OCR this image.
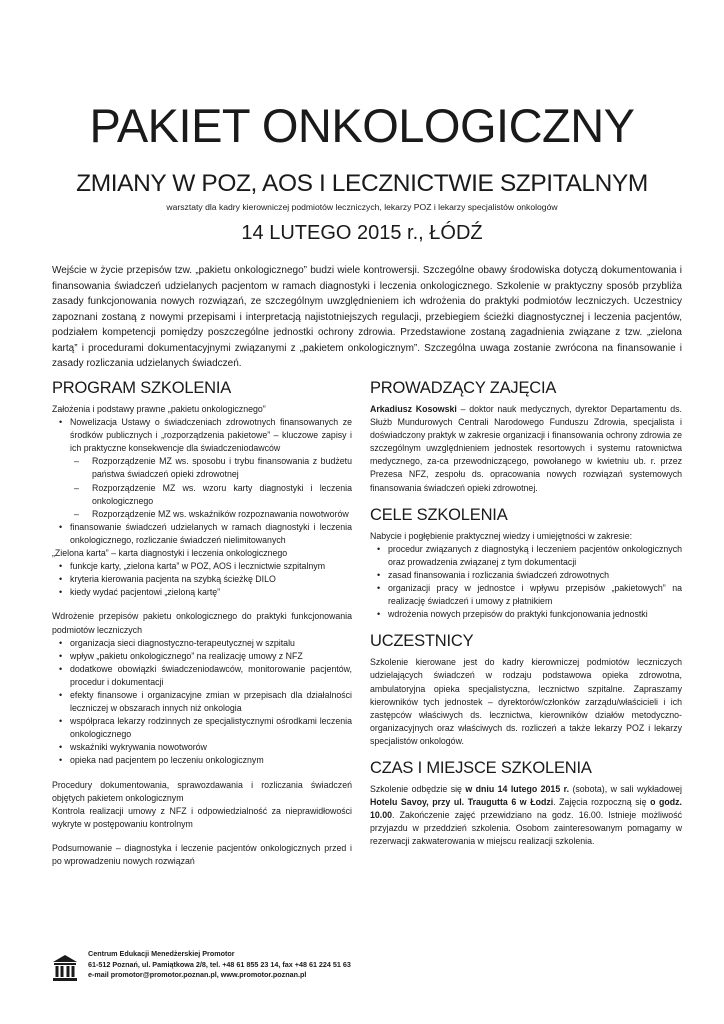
PAKIET ONKOLOGICZNY
ZMIANY W POZ, AOS I LECZNICTWIE SZPITALNYM
warsztaty dla kadry kierowniczej podmiotów leczniczych, lekarzy POZ i lekarzy specjalistów onkologów
14 LUTEGO 2015 r., ŁÓDŹ
Wejście w życie przepisów tzw. „pakietu onkologicznego” budzi wiele kontrowersji. Szczególne obawy środowiska dotyczą dokumentowania i finansowania świadczeń udzielanych pacjentom w ramach diagnostyki i leczenia onkologicznego. Szkolenie w praktyczny sposób przybliża zasady funkcjonowania nowych rozwiązań, ze szczególnym uwzględnieniem ich wdrożenia do praktyki podmiotów leczniczych. Uczestnicy zapoznani zostaną z nowymi przepisami i interpretacją najistotniejszych regulacji, przebiegiem ścieżki diagnostycznej i leczenia pacjentów, podziałem kompetencji pomiędzy poszczególne jednostki ochrony zdrowia. Przedstawione zostaną zagadnienia związane z tzw. „zielona kartą” i procedurami dokumentacyjnymi związanymi z „pakietem onkologicznym”. Szczególna uwaga zostanie zwrócona na finansowanie i zasady rozliczania udzielanych świadczeń.
PROGRAM SZKOLENIA

Założenia i podstawy prawne „pakietu onkologicznego”

• Nowelizacja Ustawy o świadczeniach zdrowotnych finansowanych ze środków publicznych i „rozporządzenia pakietowe” – kluczowe zapisy i ich praktyczne konsekwencje dla świadczeniodawców
– Rozporządzenie MZ ws. sposobu i trybu finansowania z budżetu państwa świadczeń opieki zdrowotnej
– Rozporządzenie MZ ws. wzoru karty diagnostyki i leczenia onkologicznego
– Rozporządzenie MZ ws. wskaźników rozpoznawania nowotworów
• finansowanie świadczeń udzielanych w ramach diagnostyki i leczenia onkologicznego, rozliczanie świadczeń nielimitowanych

„Zielona karta” – karta diagnostyki i leczenia onkologicznego

• funkcje karty, „zielona karta” w POZ, AOS i lecznictwie szpitalnym
• kryteria kierowania pacjenta na szybką ścieżkę DILO
• kiedy wydać pacjentowi „zieloną kartę”

Wdrożenie przepisów pakietu onkologicznego do praktyki funkcjonowania podmiotów leczniczych

• organizacja sieci diagnostyczno-terapeutycznej w szpitalu
• wpływ „pakietu onkologicznego” na realizację umowy z NFZ
• dodatkowe obowiązki świadczeniodawców, monitorowanie pacjentów, procedur i dokumentacji
• efekty finansowe i organizacyjne zmian w przepisach dla działalności leczniczej w obszarach innych niż onkologia
• współpraca lekarzy rodzinnych ze specjalistycznymi ośrodkami leczenia onkologicznego
• wskaźniki wykrywania nowotworów
• opieka nad pacjentem po leczeniu onkologicznym

Procedury dokumentowania, sprawozdawania i rozliczania świadczeń objętych pakietem onkologicznym

Kontrola realizacji umowy z NFZ i odpowiedzialność za nieprawidłowości wykryte w postępowaniu kontrolnym

Podsumowanie – diagnostyka i leczenie pacjentów onkologicznych przed i po wprowadzeniu nowych rozwiązań

PROWADZĄCY ZAJĘCIA

Arkadiusz Kosowski – doktor nauk medycznych, dyrektor Departamentu ds. Służb Mundurowych Centrali Narodowego Funduszu Zdrowia, specjalista i doświadczony praktyk w zakresie organizacji i finansowania ochrony zdrowia ze szczególnym uwzględnieniem jednostek resortowych i systemu ratownictwa medycznego, za-ca przewodniczącego, powołanego w kwietniu ub. r. przez Prezesa NFZ, zespołu ds. opracowania nowych rozwiązań systemowych finansowania świadczeń opieki zdrowotnej.

CELE SZKOLENIA

Nabycie i pogłębienie praktycznej wiedzy i umiejętności w zakresie:

• procedur związanych z diagnostyką i leczeniem pacjentów onkologicznych oraz prowadzenia związanej z tym dokumentacji
• zasad finansowania i rozliczania świadczeń zdrowotnych
• organizacji pracy w jednostce i wpływu przepisów „pakietowych” na realizację świadczeń i umowy z płatnikiem
• wdrożenia nowych przepisów do praktyki funkcjonowania jednostki
UCZESTNICY

Szkolenie kierowane jest do kadry kierowniczej podmiotów leczniczych udzielających świadczeń w rodzaju podstawowa opieka zdrowotna, ambulatoryjna opieka specjalistyczna, lecznictwo szpitalne. Zapraszamy kierowników tych jednostek – dyrektorów/członków zarządu/właścicieli i ich zastępców właściwych ds. lecznictwa, kierowników działów metodyczno-organizacyjnych oraz właściwych ds. rozliczeń a także lekarzy POZ i lekarzy specjalistów onkologów.

CZAS I MIEJSCE SZKOLENIA

Szkolenie odbędzie się w dniu 14 lutego 2015 r. (sobota), w sali wykładowej Hotelu Savoy, przy ul. Traugutta 6 w Łodzi. Zajęcia rozpoczną się o godz. 10.00. Zakończenie zajęć przewidziano na godz. 16.00. Istnieje możliwość przyjazdu w przeddzień szkolenia. Osobom zainteresowanym pomagamy w rezerwacji zakwaterowania w miejscu realizacji szkolenia.

Centrum Edukacji Menedżerskiej Promotor
61-512 Poznań, ul. Pamiątkowa 2/8, tel. +48 61 855 23 14, fax +48 61 224 51 63
e-mail promotor@promotor.poznan.pl, www.promotor.poznan.pl
